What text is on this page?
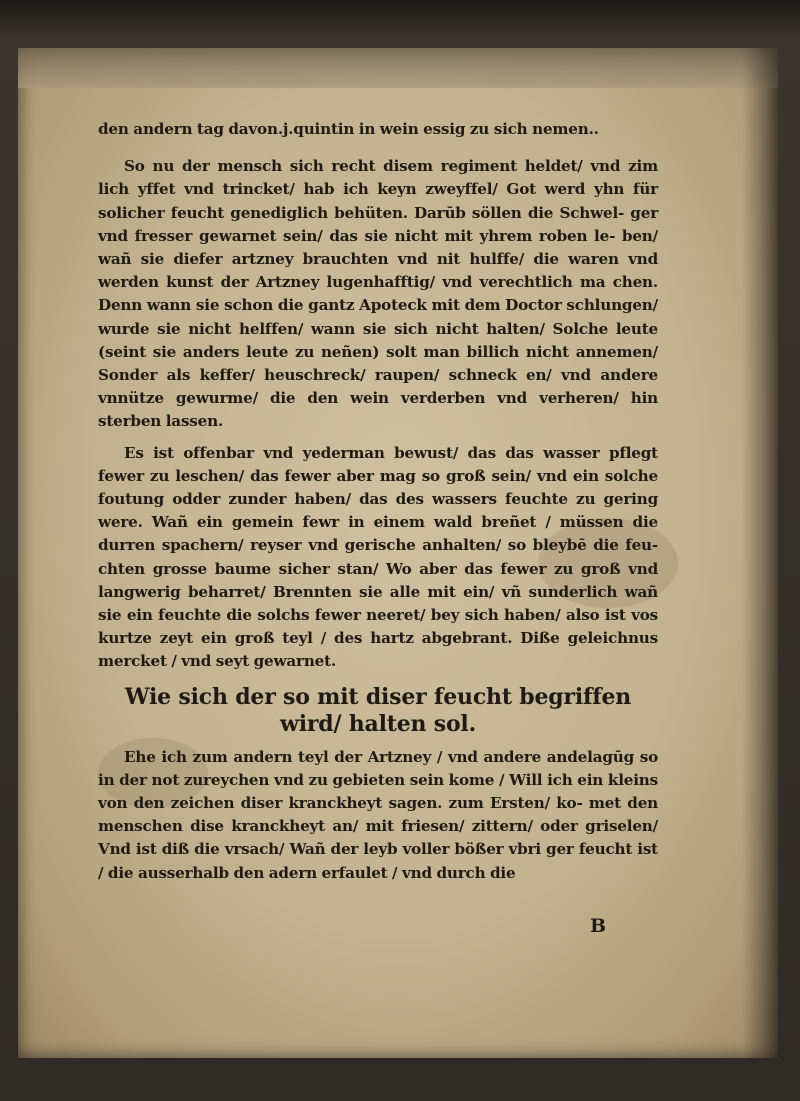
den andern tag davon.j.quintin in wein essig zu sich nemen..

So nu der mensch sich recht disem regiment heldet/ vnd zim lich yffet vnd trincket/ hab ich keyn zweyffel/ Got werd yhn für solicher feucht genediglich behüten. Darūb söllen die Schwel- ger vnd fresser gewarnet sein/ das sie nicht mit yhrem roben le- ben/ wañ sie diefer artzney brauchten vnd nit hulffe/ die waren vnd werden kunst der Artzney lugenhafftig/ vnd verechtlich ma chen. Denn wann sie schon die gantz Apoteck mit dem Doctor schlungen/ wurde sie nicht helffen/ wann sie sich nicht halten/ Solche leute (seint sie anders leute zu neñen) solt man billich nicht annemen/ Sonder als keffer/ heuschreck/ raupen/ schneck en/ vnd andere vnnütze gewurme/ die den wein verderben vnd verheren/ hin sterben lassen.

Es ist offenbar vnd yederman bewust/ das das wasser pflegt fewer zu leschen/ das fewer aber mag so groß sein/ vnd ein solche foutung odder zunder haben/ das des wassers feuchte zu gering were. Wañ ein gemein fewr in einem wald breñet / müssen die durren spachern/ reyser vnd gerische anhalten/ so bleybē die feu- chten grosse baume sicher stan/ Wo aber das fewer zu groß vnd langwerig beharret/ Brennten sie alle mit ein/ vñ sunderlich wañ sie ein feuchte die solchs fewer neeret/ bey sich haben/ also ist vos kurtze zeyt ein groß teyl / des hartz abgebrant. Diße geleichnus mercket / vnd seyt gewarnet.

Wie sich der so mit diser feucht begriffen
wird/ halten sol.

Ehe ich zum andern teyl der Artzney / vnd andere andelagūg so in der not zureychen vnd zu gebieten sein kome / Will ich ein kleins von den zeichen diser kranckheyt sagen. zum Ersten/ ko- met den menschen dise kranckheyt an/ mit friesen/ zittern/ oder griselen/ Vnd ist diß die vrsach/ Wañ der leyb voller bößer vbri ger feucht ist / die ausserhalb den adern erfaulet / vnd durch die

B
